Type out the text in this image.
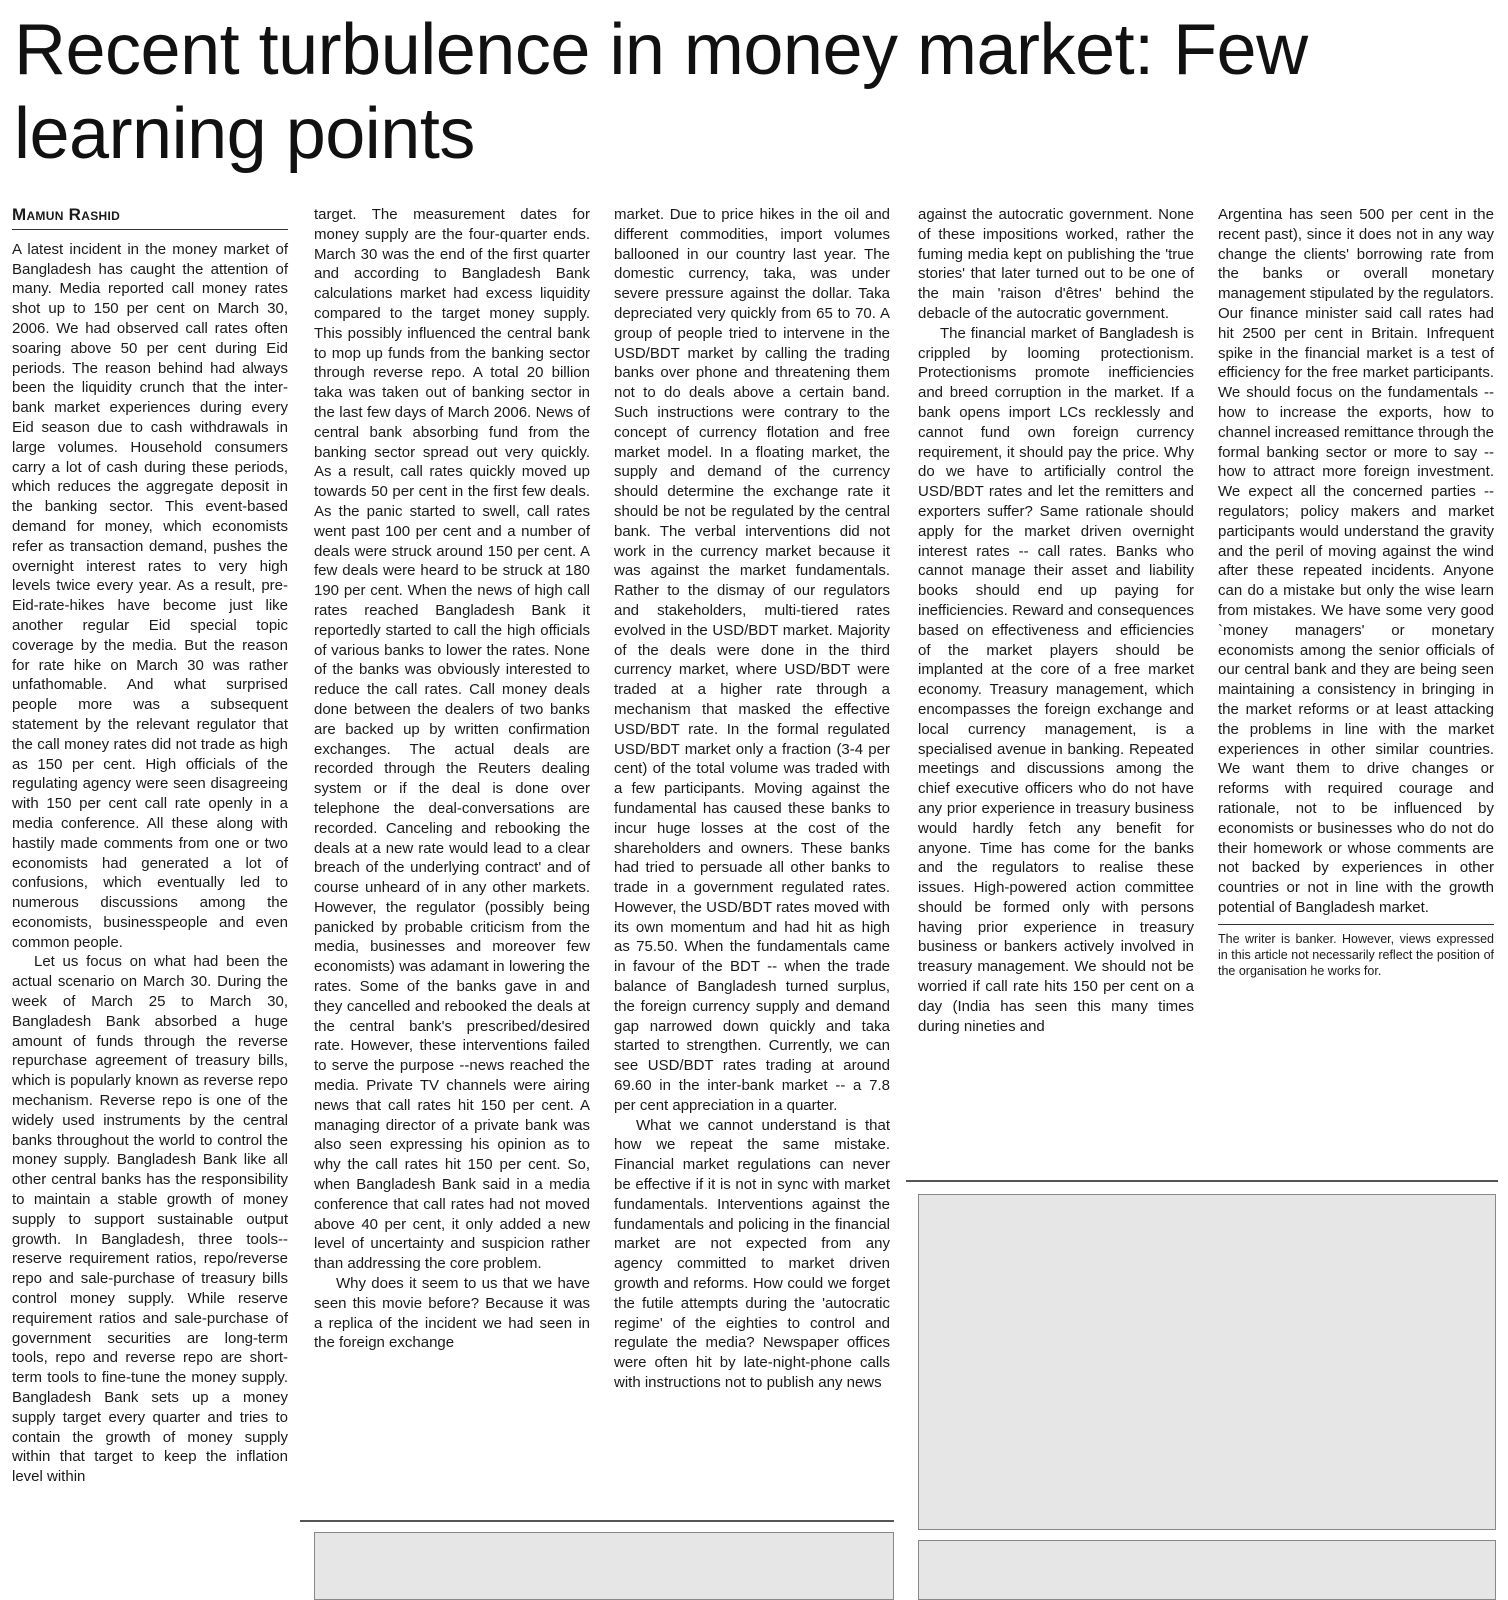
Recent turbulence in money market: Few learning points
Mamun Rashid

A latest incident in the money market of Bangladesh has caught the attention of many. Media reported call money rates shot up to 150 per cent on March 30, 2006. We had observed call rates often soaring above 50 per cent during Eid periods. The reason behind had always been the liquidity crunch that the inter-bank market experiences during every Eid season due to cash withdrawals in large volumes. Household consumers carry a lot of cash during these periods, which reduces the aggregate deposit in the banking sector. This event-based demand for money, which economists refer as transaction demand, pushes the overnight interest rates to very high levels twice every year. As a result, pre-Eid-rate-hikes have become just like another regular Eid special topic coverage by the media. But the reason for rate hike on March 30 was rather unfathomable. And what surprised people more was a subsequent statement by the relevant regulator that the call money rates did not trade as high as 150 per cent. High officials of the regulating agency were seen disagreeing with 150 per cent call rate openly in a media conference. All these along with hastily made comments from one or two economists had generated a lot of confusions, which eventually led to numerous discussions among the economists, businesspeople and even common people.

Let us focus on what had been the actual scenario on March 30. During the week of March 25 to March 30, Bangladesh Bank absorbed a huge amount of funds through the reverse repurchase agreement of treasury bills, which is popularly known as reverse repo mechanism. Reverse repo is one of the widely used instruments by the central banks throughout the world to control the money supply. Bangladesh Bank like all other central banks has the responsibility to maintain a stable growth of money supply to support sustainable output growth. In Bangladesh, three tools-- reserve requirement ratios, repo/reverse repo and sale-purchase of treasury bills control money supply. While reserve requirement ratios and sale-purchase of government securities are long-term tools, repo and reverse repo are short-term tools to fine-tune the money supply. Bangladesh Bank sets up a money supply target every quarter and tries to contain the growth of money supply within that target to keep the inflation level within

target. The measurement dates for money supply are the four-quarter ends. March 30 was the end of the first quarter and according to Bangladesh Bank calculations market had excess liquidity compared to the target money supply. This possibly influenced the central bank to mop up funds from the banking sector through reverse repo. A total 20 billion taka was taken out of banking sector in the last few days of March 2006. News of central bank absorbing fund from the banking sector spread out very quickly. As a result, call rates quickly moved up towards 50 per cent in the first few deals. As the panic started to swell, call rates went past 100 per cent and a number of deals were struck around 150 per cent. A few deals were heard to be struck at 180 190 per cent. When the news of high call rates reached Bangladesh Bank it reportedly started to call the high officials of various banks to lower the rates. None of the banks was obviously interested to reduce the call rates. Call money deals done between the dealers of two banks are backed up by written confirmation exchanges. The actual deals are recorded through the Reuters dealing system or if the deal is done over telephone the deal-conversations are recorded. Canceling and rebooking the deals at a new rate would lead to a clear breach of the underlying contract' and of course unheard of in any other markets. However, the regulator (possibly being panicked by probable criticism from the media, businesses and moreover few economists) was adamant in lowering the rates. Some of the banks gave in and they cancelled and rebooked the deals at the central bank's prescribed/desired rate. However, these interventions failed to serve the purpose --news reached the media. Private TV channels were airing news that call rates hit 150 per cent. A managing director of a private bank was also seen expressing his opinion as to why the call rates hit 150 per cent. So, when Bangladesh Bank said in a media conference that call rates had not moved above 40 per cent, it only added a new level of uncertainty and suspicion rather than addressing the core problem.

Why does it seem to us that we have seen this movie before? Because it was a replica of the incident we had seen in the foreign exchange

market. Due to price hikes in the oil and different commodities, import volumes ballooned in our country last year. The domestic currency, taka, was under severe pressure against the dollar. Taka depreciated very quickly from 65 to 70. A group of people tried to intervene in the USD/BDT market by calling the trading banks over phone and threatening them not to do deals above a certain band. Such instructions were contrary to the concept of currency flotation and free market model. In a floating market, the supply and demand of the currency should determine the exchange rate it should be not be regulated by the central bank. The verbal interventions did not work in the currency market because it was against the market fundamentals. Rather to the dismay of our regulators and stakeholders, multi-tiered rates evolved in the USD/BDT market. Majority of the deals were done in the third currency market, where USD/BDT were traded at a higher rate through a mechanism that masked the effective USD/BDT rate. In the formal regulated USD/BDT market only a fraction (3-4 per cent) of the total volume was traded with a few participants. Moving against the fundamental has caused these banks to incur huge losses at the cost of the shareholders and owners. These banks had tried to persuade all other banks to trade in a government regulated rates. However, the USD/BDT rates moved with its own momentum and had hit as high as 75.50. When the fundamentals came in favour of the BDT -- when the trade balance of Bangladesh turned surplus, the foreign currency supply and demand gap narrowed down quickly and taka started to strengthen. Currently, we can see USD/BDT rates trading at around 69.60 in the inter-bank market -- a 7.8 per cent appreciation in a quarter.

What we cannot understand is that how we repeat the same mistake. Financial market regulations can never be effective if it is not in sync with market fundamentals. Interventions against the fundamentals and policing in the financial market are not expected from any agency committed to market driven growth and reforms. How could we forget the futile attempts during the 'autocratic regime' of the eighties to control and regulate the media? Newspaper offices were often hit by late-night-phone calls with instructions not to publish any news

against the autocratic government. None of these impositions worked, rather the fuming media kept on publishing the 'true stories' that later turned out to be one of the main 'raison d'êtres' behind the debacle of the autocratic government.

The financial market of Bangladesh is crippled by looming protectionism. Protectionisms promote inefficiencies and breed corruption in the market. If a bank opens import LCs recklessly and cannot fund own foreign currency requirement, it should pay the price. Why do we have to artificially control the USD/BDT rates and let the remitters and exporters suffer? Same rationale should apply for the market driven overnight interest rates -- call rates. Banks who cannot manage their asset and liability books should end up paying for inefficiencies. Reward and consequences based on effectiveness and efficiencies of the market players should be implanted at the core of a free market economy. Treasury management, which encompasses the foreign exchange and local currency management, is a specialised avenue in banking. Repeated meetings and discussions among the chief executive officers who do not have any prior experience in treasury business would hardly fetch any benefit for anyone. Time has come for the banks and the regulators to realise these issues. High-powered action committee should be formed only with persons having prior experience in treasury business or bankers actively involved in treasury management. We should not be worried if call rate hits 150 per cent on a day (India has seen this many times during nineties and

Argentina has seen 500 per cent in the recent past), since it does not in any way change the clients' borrowing rate from the banks or overall monetary management stipulated by the regulators. Our finance minister said call rates had hit 2500 per cent in Britain. Infrequent spike in the financial market is a test of efficiency for the free market participants. We should focus on the fundamentals -- how to increase the exports, how to channel increased remittance through the formal banking sector or more to say --how to attract more foreign investment. We expect all the concerned parties -- regulators; policy makers and market participants would understand the gravity and the peril of moving against the wind after these repeated incidents. Anyone can do a mistake but only the wise learn from mistakes. We have some very good `money managers' or monetary economists among the senior officials of our central bank and they are being seen maintaining a consistency in bringing in the market reforms or at least attacking the problems in line with the market experiences in other similar countries. We want them to drive changes or reforms with required courage and rationale, not to be influenced by economists or businesses who do not do their homework or whose comments are not backed by experiences in other countries or not in line with the growth potential of Bangladesh market.

The writer is banker. However, views expressed in this article not necessarily reflect the position of the organisation he works for.
